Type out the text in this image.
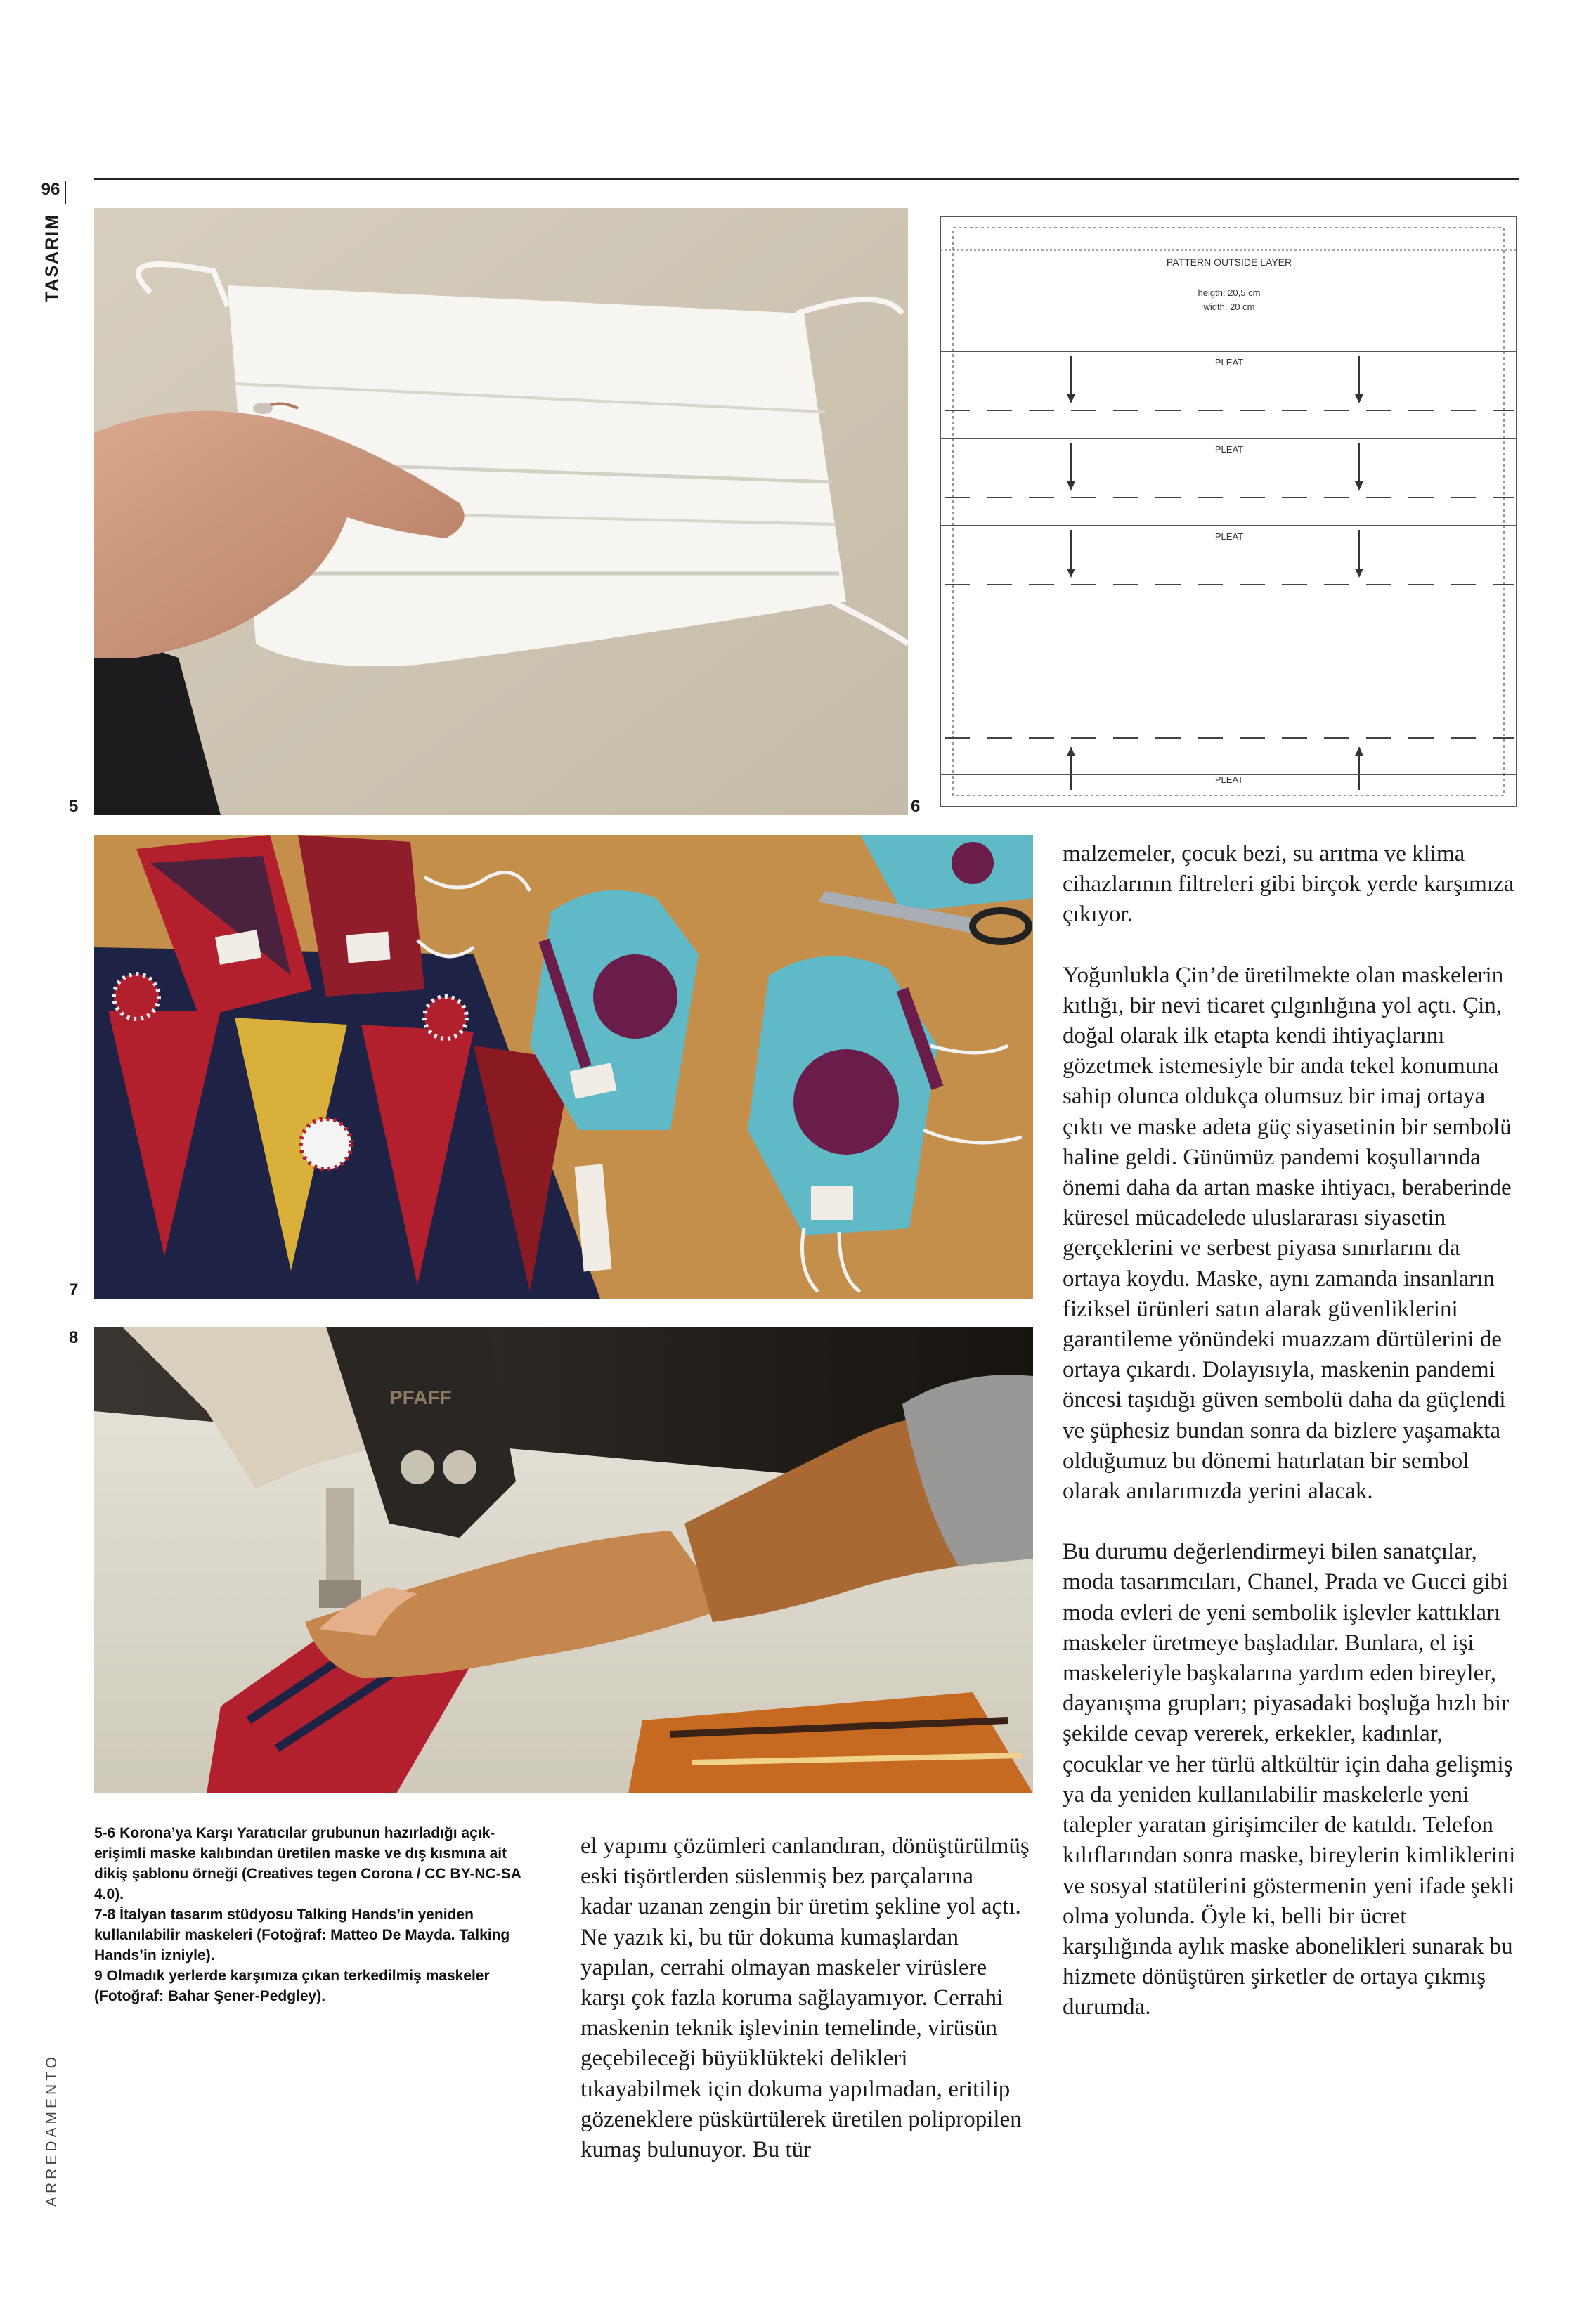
96
TASARIM
ARREDAMENTO
5	6
PATTERN OUTSIDE LAYER
heigth: 20,5 cm
width: 20 cm
PLEAT
PLEAT
PLEAT
PLEAT
7
PFAFF
8

5-6 Korona’ya Karşı Yaratıcılar grubunun hazırladığı açık-erişimli maske kalıbından üretilen maske ve dış kısmına ait dikiş şablonu örneği (Creatives tegen Corona / CC BY-NC-SA 4.0).

7-8 İtalyan tasarım stüdyosu Talking Hands’in yeniden kullanılabilir maskeleri (Fotoğraf: Matteo De Mayda. Talking Hands’in izniyle).

9 Olmadık yerlerde karşımıza çıkan terkedilmiş maskeler (Fotoğraf: Bahar Şener-Pedgley).

el yapımı çözümleri canlandıran, dönüştürülmüş eski tişörtlerden süslenmiş bez parçalarına kadar uzanan zengin bir üretim şekline yol açtı. Ne yazık ki, bu tür dokuma kumaşlardan yapılan, cerrahi olmayan maskeler virüslere karşı çok fazla koruma sağlayamıyor. Cerrahi maskenin teknik işlevinin temelinde, virüsün geçebileceği büyüklükteki delikleri tıkayabilmek için dokuma yapılmadan, eritilip gözeneklere püskürtülerek üretilen polipropilen kumaş bulunuyor. Bu tür

malzemeler, çocuk bezi, su arıtma ve klima cihazlarının filtreleri gibi birçok yerde karşımıza çıkıyor.

Yoğunlukla Çin’de üretilmekte olan maskelerin kıtlığı, bir nevi ticaret çılgınlığına yol açtı. Çin, doğal olarak ilk etapta kendi ihtiyaçlarını gözetmek istemesiyle bir anda tekel konumuna sahip olunca oldukça olumsuz bir imaj ortaya çıktı ve maske adeta güç siyasetinin bir sembolü haline geldi. Günümüz pandemi koşullarında önemi daha da artan maske ihtiyacı, beraberinde küresel mücadelede uluslararası siyasetin gerçeklerini ve serbest piyasa sınırlarını da ortaya koydu. Maske, aynı zamanda insanların fiziksel ürünleri satın alarak güvenliklerini garantileme yönündeki muazzam dürtülerini de ortaya çıkardı. Dolayısıyla, maskenin pandemi öncesi taşıdığı güven sembolü daha da güçlendi ve şüphesiz bundan sonra da bizlere yaşamakta olduğumuz bu dönemi hatırlatan bir sembol olarak anılarımızda yerini alacak.

Bu durumu değerlendirmeyi bilen sanatçılar, moda tasarımcıları, Chanel, Prada ve Gucci gibi moda evleri de yeni sembolik işlevler kattıkları maskeler üretmeye başladılar. Bunlara, el işi maskeleriyle başkalarına yardım eden bireyler, dayanışma grupları; piyasadaki boşluğa hızlı bir şekilde cevap vererek, erkekler, kadınlar, çocuklar ve her türlü altkültür için daha gelişmiş ya da yeniden kullanılabilir maskelerle yeni talepler yaratan girişimciler de katıldı. Telefon kılıflarından sonra maske, bireylerin kimliklerini ve sosyal statülerini göstermenin yeni ifade şekli olma yolunda. Öyle ki, belli bir ücret karşılığında aylık maske abonelikleri sunarak bu hizmete dönüştüren şirketler de ortaya çıkmış durumda.
